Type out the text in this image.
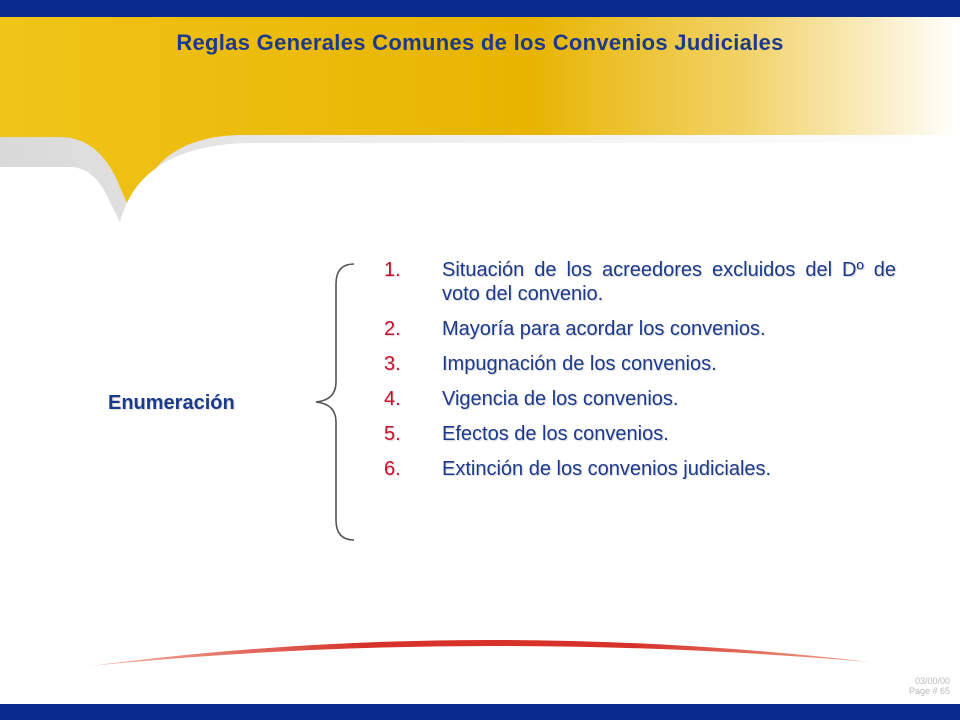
Reglas Generales Comunes de los Convenios Judiciales
Enumeración
1.	Situación de los acreedores excluidos del Dº de voto del convenio.
2.	Mayoría para acordar los convenios.
3.	Impugnación de los convenios.
4.	Vigencia de los convenios.
5.	Efectos de los convenios.
6.	Extinción de los convenios judiciales.
03/00/00
Page # 65
